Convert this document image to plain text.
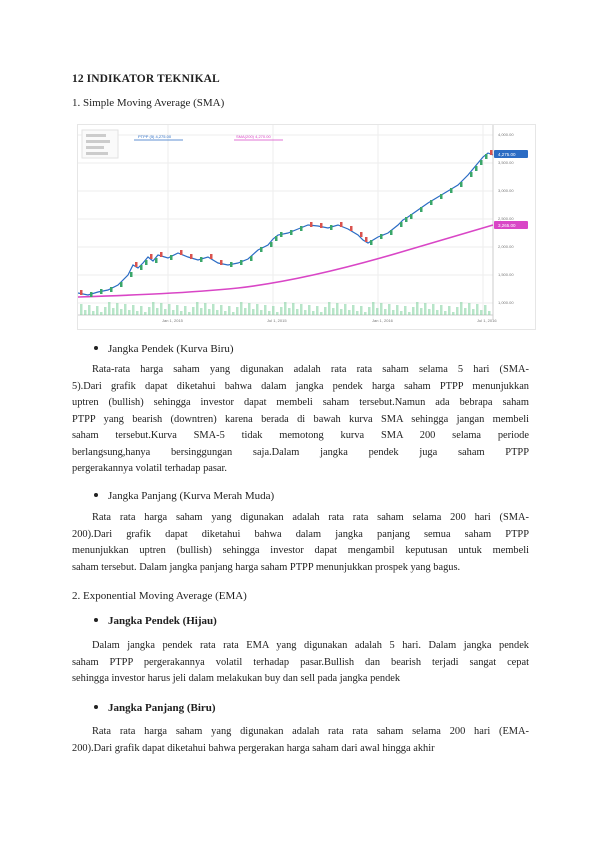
12 INDIKATOR TEKNIKAL
1. Simple Moving Average (SMA)
PTPP (5) 4,275.00	SMA(200) 4,270.00	4,000.00
3,500.00
3,000.00
2,500.00
2,000.00
1,500.00
1,000.00
4,275.00
3,265.00
Jan 1, 2015	Jul 1, 2015	Jan 1, 2016	Jul 1, 2016
Jangka Pendek (Kurva Biru)
Rata-rata harga saham yang digunakan adalah rata rata saham selama 5 hari (SMA-
5).Dari grafik dapat diketahui bahwa dalam jangka pendek harga saham PTPP menunjukkan
uptren (bullish) sehingga investor dapat membeli saham tersebut.Namun ada bebrapa saham
PTPP yang bearish (downtren) karena berada di bawah kurva SMA sehingga jangan membeli
saham tersebut.Kurva SMA-5 tidak memotong kurva SMA 200 selama periode
berlangsung,hanya bersinggungan saja.Dalam jangka pendek juga saham PTPP
pergerakannya volatil terhadap pasar.
Jangka Panjang (Kurva Merah Muda)
Rata rata harga saham yang digunakan adalah rata rata saham selama 200 hari (SMA-
200).Dari grafik dapat diketahui bahwa dalam jangka panjang semua saham PTPP
menunjukkan uptren (bullish) sehingga investor dapat mengambil keputusan untuk membeli
saham tersebut. Dalam jangka panjang harga saham PTPP menunjukkan prospek yang bagus.
2. Exponential Moving Average (EMA)
Jangka Pendek (Hijau)
Dalam jangka pendek rata rata EMA yang digunakan adalah 5 hari. Dalam jangka pendek
saham PTPP pergerakannya volatil terhadap pasar.Bullish dan bearish terjadi sangat cepat
sehingga investor harus jeli dalam melakukan buy dan sell pada jangka pendek
Jangka Panjang (Biru)
Rata rata harga saham yang digunakan adalah rata rata saham selama 200 hari (EMA-
200).Dari grafik dapat diketahui bahwa pergerakan harga saham dari awal hingga akhir
